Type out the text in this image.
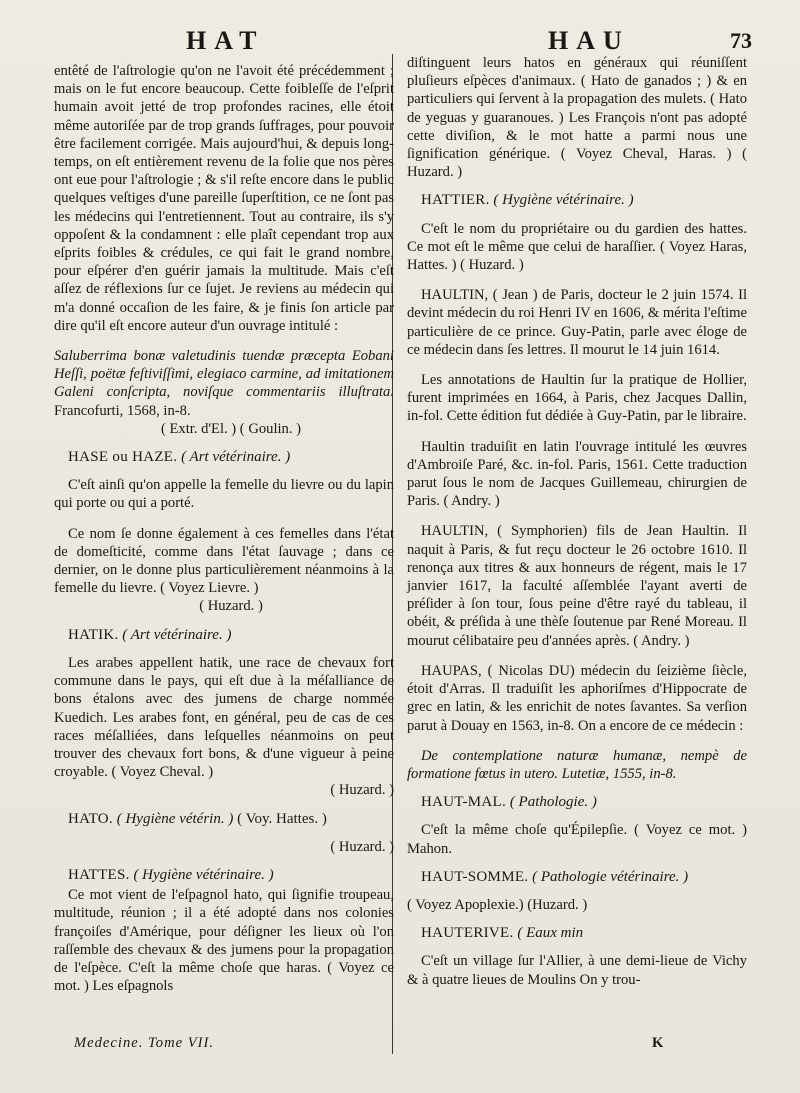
HAT	HAU	73

entêté de l'aſtrologie qu'on ne l'avoit été précédemment ; mais on le fut encore beaucoup. Cette foibleſſe de l'eſprit humain avoit jetté de trop profondes racines, elle étoit même autoriſée par de trop grands ſuffrages, pour pouvoir être facilement corrigée. Mais aujourd'hui, & depuis long-temps, on eſt entièrement revenu de la folie que nos pères ont eue pour l'aſtrologie ; & s'il reſte encore dans le public quelques veſtiges d'une pareille ſuperſtition, ce ne ſont pas les médecins qui l'entretiennent. Tout au contraire, ils s'y oppoſent & la condamnent : elle plaît cependant trop aux eſprits foibles & crédules, ce qui fait le grand nombre, pour eſpérer d'en guérir jamais la multitude. Mais c'eſt aſſez de réflexions ſur ce ſujet. Je reviens au médecin qui m'a donné occaſion de les faire, & je finis ſon article par dire qu'il eſt encore auteur d'un ouvrage intitulé :

Saluberrima bonæ valetudinis tuendæ præcepta Eobani Heſſi, poëtæ feſtiviſſimi, elegiaco carmine, ad imitationem Galeni conſcripta, noviſque commentariis illuſtrata. Francofurti, 1568, in-8.

( Extr. d'El. ) ( Goulin. )

HASE ou HAZE. ( Art vétérinaire. )

C'eſt ainſi qu'on appelle la femelle du lievre ou du lapin qui porte ou qui a porté.

Ce nom ſe donne également à ces femelles dans l'état de domeſticité, comme dans l'état ſauvage ; dans ce dernier, on le donne plus particulièrement néanmoins à la femelle du lievre. ( Voyez Lievre. )

( Huzard. )

HATIK. ( Art vétérinaire. )

Les arabes appellent hatik, une race de chevaux fort commune dans le pays, qui eſt due à la méſalliance de bons étalons avec des jumens de charge nommée Kuedich. Les arabes font, en général, peu de cas de ces races méſalliées, dans leſquelles néanmoins on peut trouver des chevaux fort bons, & d'une vigueur à peine croyable. ( Voyez Cheval. )

( Huzard. )

HATO. ( Hygiène vétérin. ) ( Voy. Hattes. )

( Huzard. )

HATTES. ( Hygiène vétérinaire. )

Ce mot vient de l'eſpagnol hato, qui ſignifie troupeau, multitude, réunion ; il a été adopté dans nos colonies françoiſes d'Amérique, pour déſigner les lieux où l'on raſſemble des chevaux & des jumens pour la propagation de l'eſpèce. C'eſt la même choſe que haras. ( Voyez ce mot. ) Les eſpagnols

diſtinguent leurs hatos en généraux qui réuniſſent pluſieurs eſpèces d'animaux. ( Hato de ganados ; ) & en particuliers qui ſervent à la propagation des mulets. ( Hato de yeguas y guaranoues. ) Les François n'ont pas adopté cette diviſion, & le mot hatte a parmi nous une ſignification générique. ( Voyez Cheval, Haras. ) ( Huzard. )

HATTIER. ( Hygiène vétérinaire. )

C'eſt le nom du propriétaire ou du gardien des hattes. Ce mot eſt le même que celui de haraſſier. ( Voyez Haras, Hattes. ) ( Huzard. )

HAULTIN, ( Jean ) de Paris, docteur le 2 juin 1574. Il devint médecin du roi Henri IV en 1606, & mérita l'eſtime particulière de ce prince. Guy-Patin, parle avec éloge de ce médecin dans ſes lettres. Il mourut le 14 juin 1614.

Les annotations de Haultin ſur la pratique de Hollier, furent imprimées en 1664, à Paris, chez Jacques Dallin, in-fol. Cette édition fut dédiée à Guy-Patin, par le libraire.

Haultin traduiſit en latin l'ouvrage intitulé les œuvres d'Ambroiſe Paré, &c. in-fol. Paris, 1561. Cette traduction parut ſous le nom de Jacques Guillemeau, chirurgien de Paris. ( Andry. )

HAULTIN, ( Symphorien) fils de Jean Haultin. Il naquit à Paris, & fut reçu docteur le 26 octobre 1610. Il renonça aux titres & aux honneurs de régent, mais le 17 janvier 1617, la faculté aſſemblée l'ayant averti de préſider à ſon tour, ſous peine d'être rayé du tableau, il obéit, & préſida à une thèſe ſoutenue par René Moreau. Il mourut célibataire peu d'années après. ( Andry. )

HAUPAS, ( Nicolas DU) médecin du ſeizième ſiècle, étoit d'Arras. Il traduiſit les aphoriſmes d'Hippocrate de grec en latin, & les enrichit de notes ſavantes. Sa verſion parut à Douay en 1563, in-8. On a encore de ce médecin :

De contemplatione naturæ humanæ, nempè de formatione fœtus in utero. Lutetiæ, 1555, in-8.

HAUT-MAL. ( Pathologie. )

C'eſt la même choſe qu'Épilepſie. ( Voyez ce mot. ) Mahon.

HAUT-SOMME. ( Pathologie vétérinaire. )

( Voyez Apoplexie.) (Huzard. )

HAUTERIVE. ( Eaux min

C'eſt un village ſur l'Allier, à une demi-lieue de Vichy & à quatre lieues de Moulins On y trou-

Medecine. Tome VII.	K
